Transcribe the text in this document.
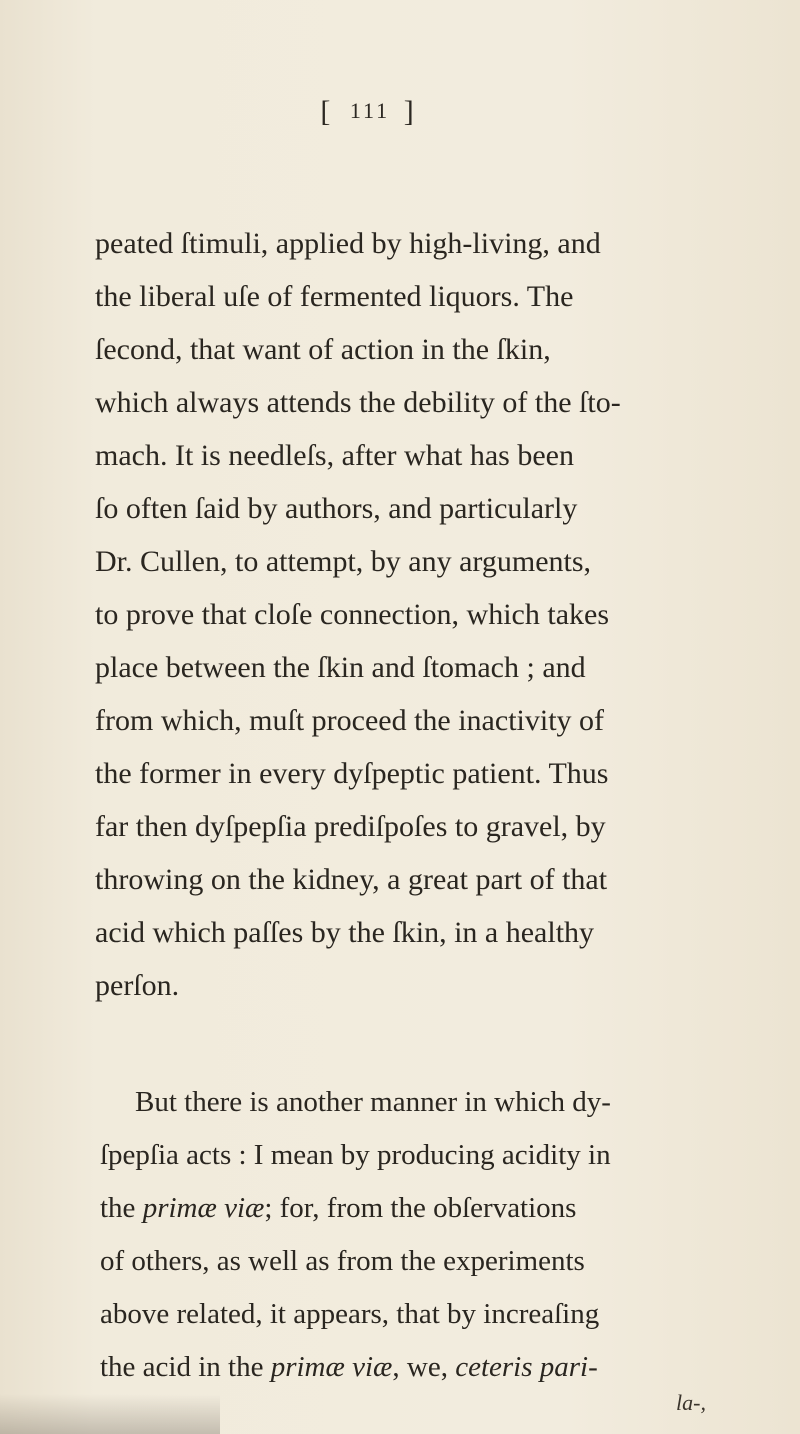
[ 111 ]
peated ſtimuli, applied by high-living, and
the liberal uſe of fermented liquors. The
ſecond, that want of action in the ſkin,
which always attends the debility of the ſto-
mach. It is needleſs, after what has been
ſo often ſaid by authors, and particularly
Dr. Cullen, to attempt, by any arguments,
to prove that cloſe connection, which takes
place between the ſkin and ſtomach ; and
from which, muſt proceed the inactivity of
the former in every dyſpeptic patient. Thus
far then dyſpepſia prediſpoſes to gravel, by
throwing on the kidney, a great part of that
acid which paſſes by the ſkin, in a healthy
perſon.
But there is another manner in which dy-
ſpepſia acts : I mean by producing acidity in
the primæ viæ; for, from the obſervations
of others, as well as from the experiments
above related, it appears, that by increaſing
the acid in the primæ viæ, we, ceteris pari-
la-,
